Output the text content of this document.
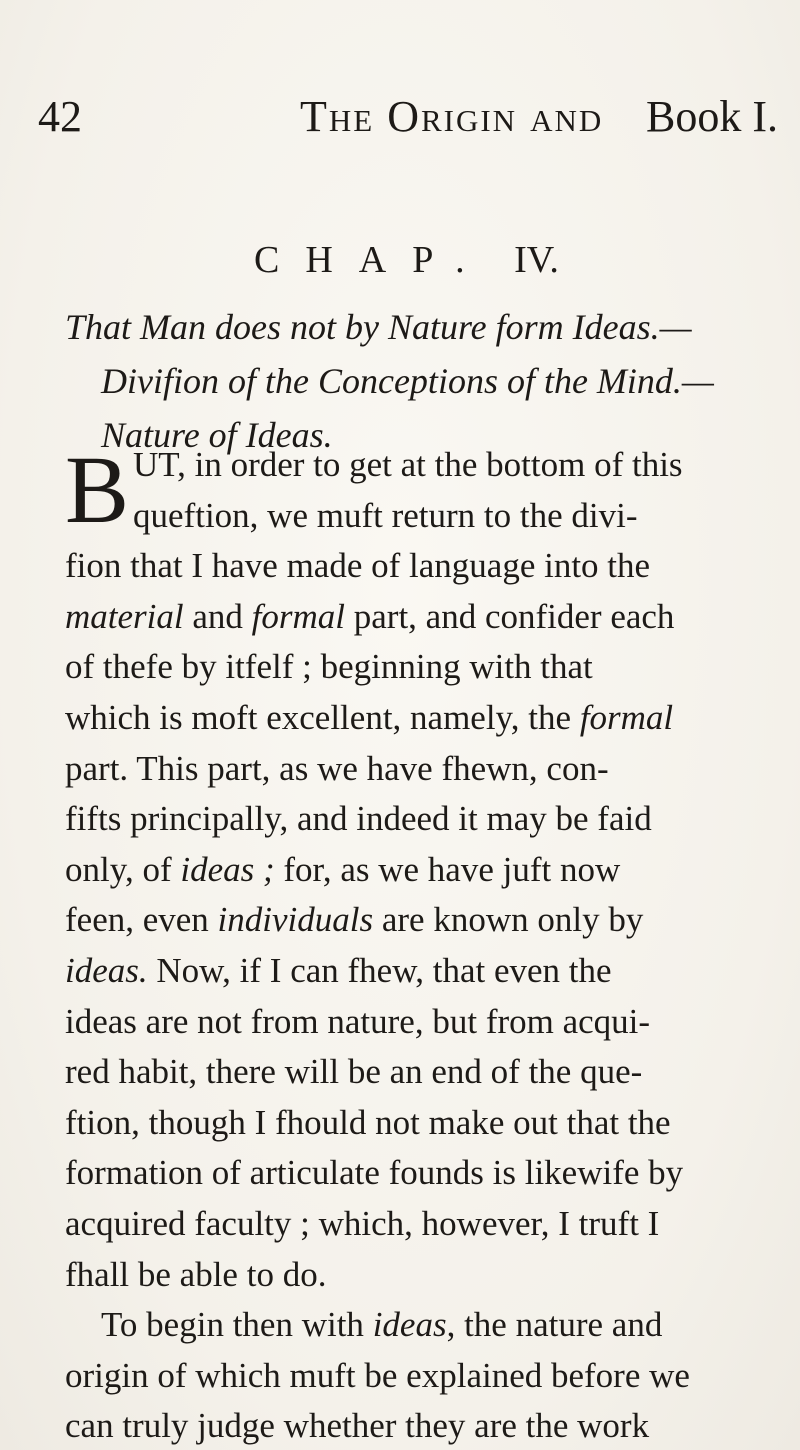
42	The Origin and Book I.
CHAP. IV.
That Man does not by Nature form Ideas.—
Divifion of the Conceptions of the Mind.—
Nature of Ideas.
B UT, in order to get at the bottom of this
queftion, we muft return to the divi-
fion that I have made of language into the
material and formal part, and confider each
of thefe by itfelf ; beginning with that
which is moft excellent, namely, the formal
part. This part, as we have fhewn, con-
fifts principally, and indeed it may be faid
only, of ideas ; for, as we have juft now
feen, even individuals are known only by
ideas. Now, if I can fhew, that even the
ideas are not from nature, but from acqui-
red habit, there will be an end of the que-
ftion, though I fhould not make out that the
formation of articulate founds is likewife by
acquired faculty ; which, however, I truft I
fhall be able to do.
To begin then with ideas, the nature and
origin of which muft be explained before we
can truly judge whether they are the work
